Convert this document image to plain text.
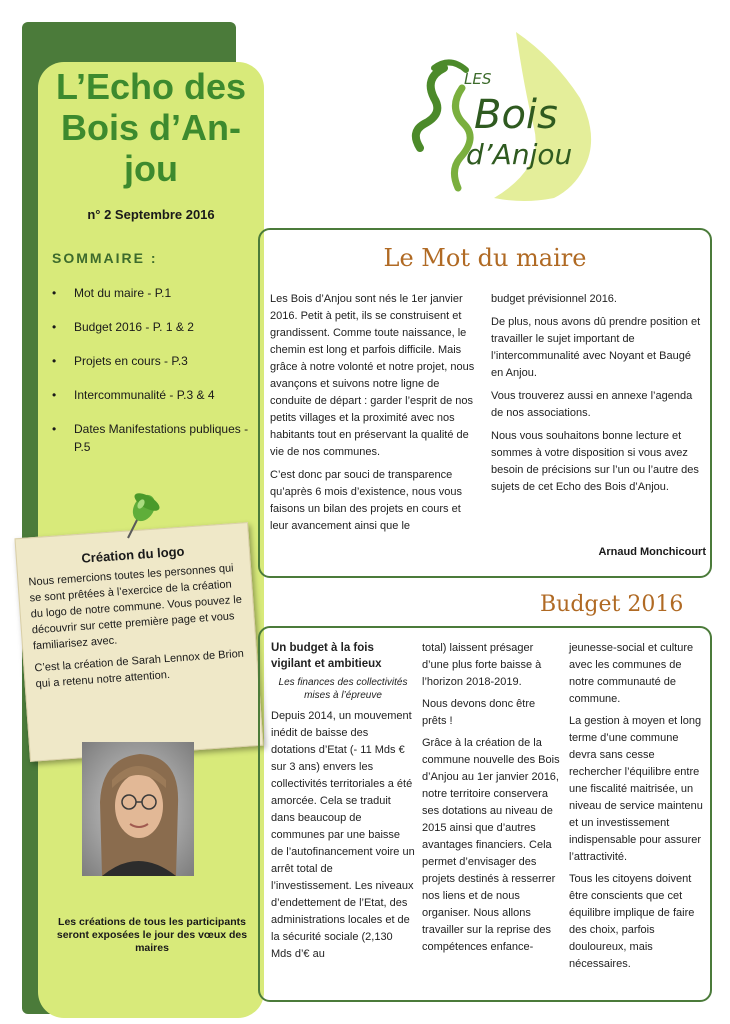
L’Echo des
Bois d’An-
jou
n° 2 Septembre 2016
SOMMAIRE :
• Mot du maire - P.1
• Budget 2016 - P. 1 & 2
• Projets en cours - P.3
• Intercommunalité - P.3 & 4
• Dates Manifestations publiques - P.5
Création du logo

Nous remercions toutes les personnes qui se sont prêtées à l’exercice de la création du logo de notre commune. Vous pouvez le découvrir sur cette première page et vous familiarisez avec.

C’est la création de Sarah Lennox de Brion qui a retenu notre attention.

Les créations de tous les participants seront exposées le jour des vœux des maires
LES
Bois
d’Anjou
Le Mot du maire

Les Bois d’Anjou sont nés le 1er janvier 2016. Petit à petit, ils se construisent et grandissent. Comme toute naissance, le chemin est long et parfois difficile. Mais grâce à notre volonté et notre projet, nous avançons et suivons notre ligne de conduite de départ : garder l’esprit de nos petits villages et la proximité avec nos habitants tout en préservant la qualité de vie de nos communes.

C’est donc par souci de transparence qu’après 6 mois d’existence, nous vous faisons un bilan des projets en cours et leur avancement ainsi que le

budget prévisionnel 2016.

De plus, nous avons dû prendre position et travailler le sujet important de l’intercommunalité avec Noyant et Baugé en Anjou.

Vous trouverez aussi en annexe l’agenda de nos associations.

Nous vous souhaitons bonne lecture et sommes à votre disposition si vous avez besoin de précisions sur l’un ou l’autre des sujets de cet Echo des Bois d’Anjou.

Arnaud Monchicourt
Budget 2016

Un budget à la fois vigilant et ambitieux

Les finances des collectivités mises à l’épreuve

Depuis 2014, un mouvement inédit de baisse des dotations d’Etat (- 11 Mds € sur 3 ans) envers les collectivités territoriales a été amorcée. Cela se traduit dans beaucoup de communes par une baisse de l’autofinancement voire un arrêt total de l’investissement. Les niveaux d’endettement de l’Etat, des administrations locales et de la sécurité sociale (2,130 Mds d’€ au

total) laissent présager d’une plus forte baisse à l’horizon 2018-2019.

Nous devons donc être prêts !

Grâce à la création de la commune nouvelle des Bois d’Anjou au 1er janvier 2016, notre territoire conservera ses dotations au niveau de 2015 ainsi que d’autres avantages financiers. Cela permet d’envisager des projets destinés à resserrer nos liens et de nous organiser. Nous allons travailler sur la reprise des compétences enfance-

jeunesse-social et culture avec les communes de notre communauté de commune.

La gestion à moyen et long terme d’une commune devra sans cesse rechercher l’équilibre entre une fiscalité maitrisée, un niveau de service maintenu et un investissement indispensable pour assurer l’attractivité.

Tous les citoyens doivent être conscients que cet équilibre implique de faire des choix, parfois douloureux, mais nécessaires.
